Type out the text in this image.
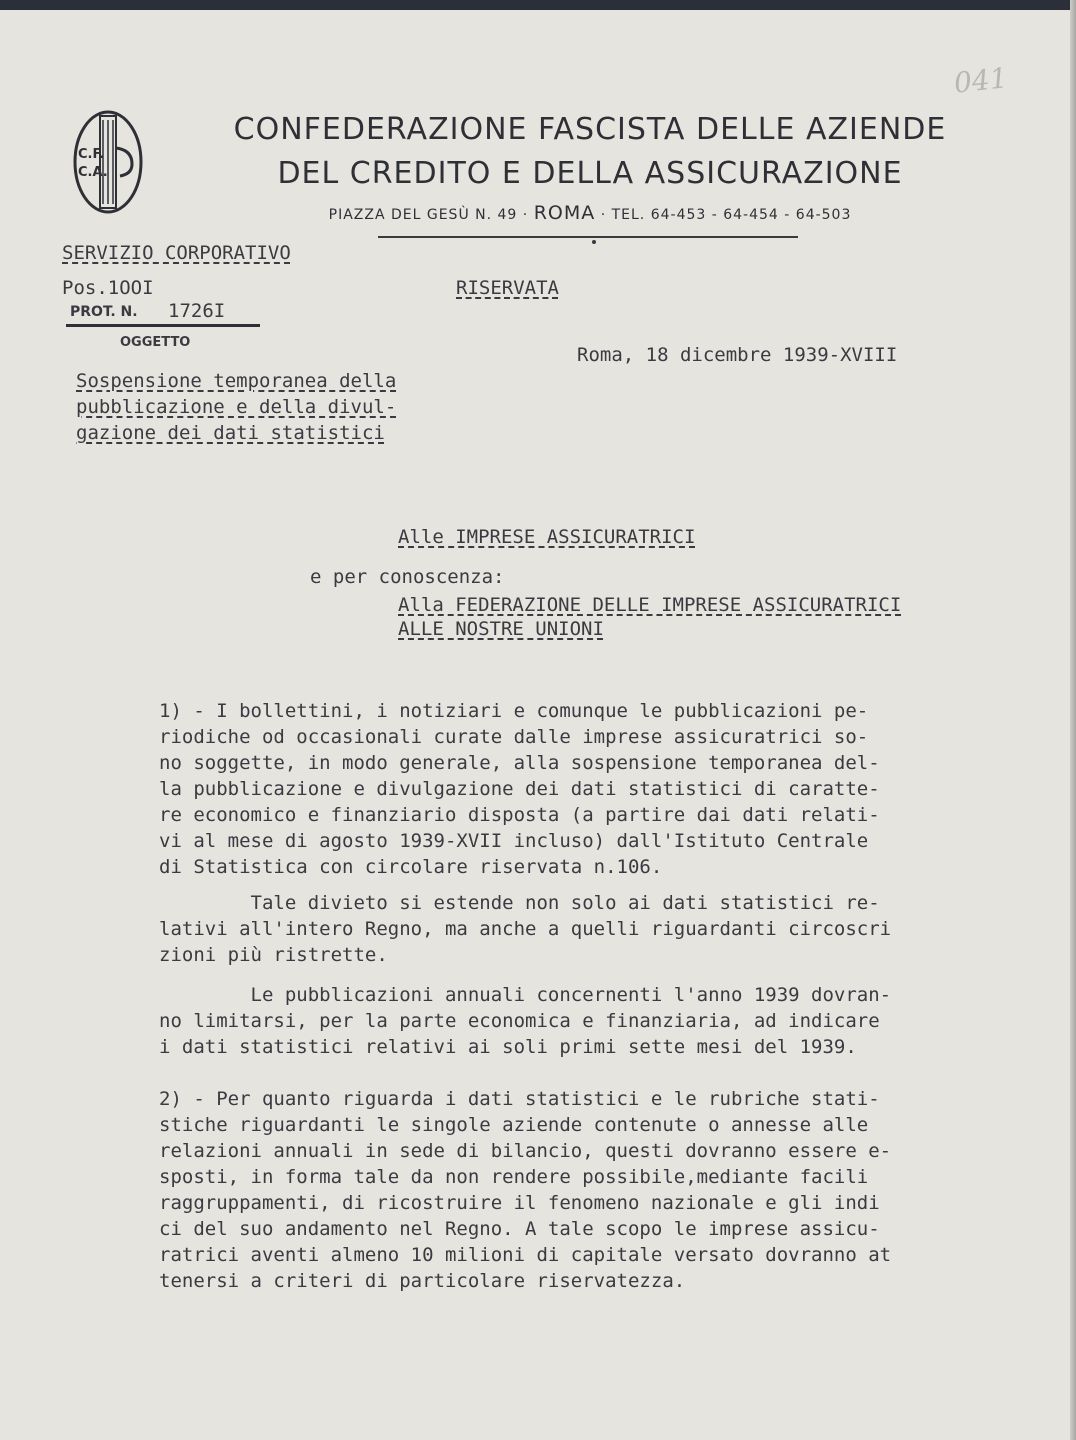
041
C.F.
C.A.
CONFEDERAZIONE FASCISTA DELLE AZIENDE
DEL CREDITO E DELLA ASSICURAZIONE
PIAZZA DEL GESÙ N. 49 · ROMA · TEL. 64-453 - 64-454 - 64-503
SERVIZIO CORPORATIVO
Pos.1OOI
PROT. N. 1726I
OGGETTO
Sospensione temporanea della
pubblicazione e della divul-
gazione dei dati statistici
RISERVATA
Roma, 18 dicembre 1939-XVIII
Alle IMPRESE ASSICURATRICI
e per conoscenza:
Alla FEDERAZIONE DELLE IMPRESE ASSICURATRICI
ALLE NOSTRE UNIONI
1) - I bollettini, i notiziari e comunque le pubblicazioni pe-
riodiche od occasionali curate dalle imprese assicuratrici so-
no soggette, in modo generale, alla sospensione temporanea del-
la pubblicazione e divulgazione dei dati statistici di caratte-
re economico e finanziario disposta (a partire dai dati relati-
vi al mese di agosto 1939-XVII incluso) dall'Istituto Centrale
di Statistica con circolare riservata n.106.
Tale divieto si estende non solo ai dati statistici re-
lativi all'intero Regno, ma anche a quelli riguardanti circoscri
zioni più ristrette.
Le pubblicazioni annuali concernenti l'anno 1939 dovran-
no limitarsi, per la parte economica e finanziaria, ad indicare
i dati statistici relativi ai soli primi sette mesi del 1939.
2) - Per quanto riguarda i dati statistici e le rubriche stati-
stiche riguardanti le singole aziende contenute o annesse alle
relazioni annuali in sede di bilancio, questi dovranno essere e-
sposti, in forma tale da non rendere possibile,mediante facili
raggruppamenti, di ricostruire il fenomeno nazionale e gli indi
ci del suo andamento nel Regno. A tale scopo le imprese assicu-
ratrici aventi almeno 10 milioni di capitale versato dovranno at
tenersi a criteri di particolare riservatezza.
